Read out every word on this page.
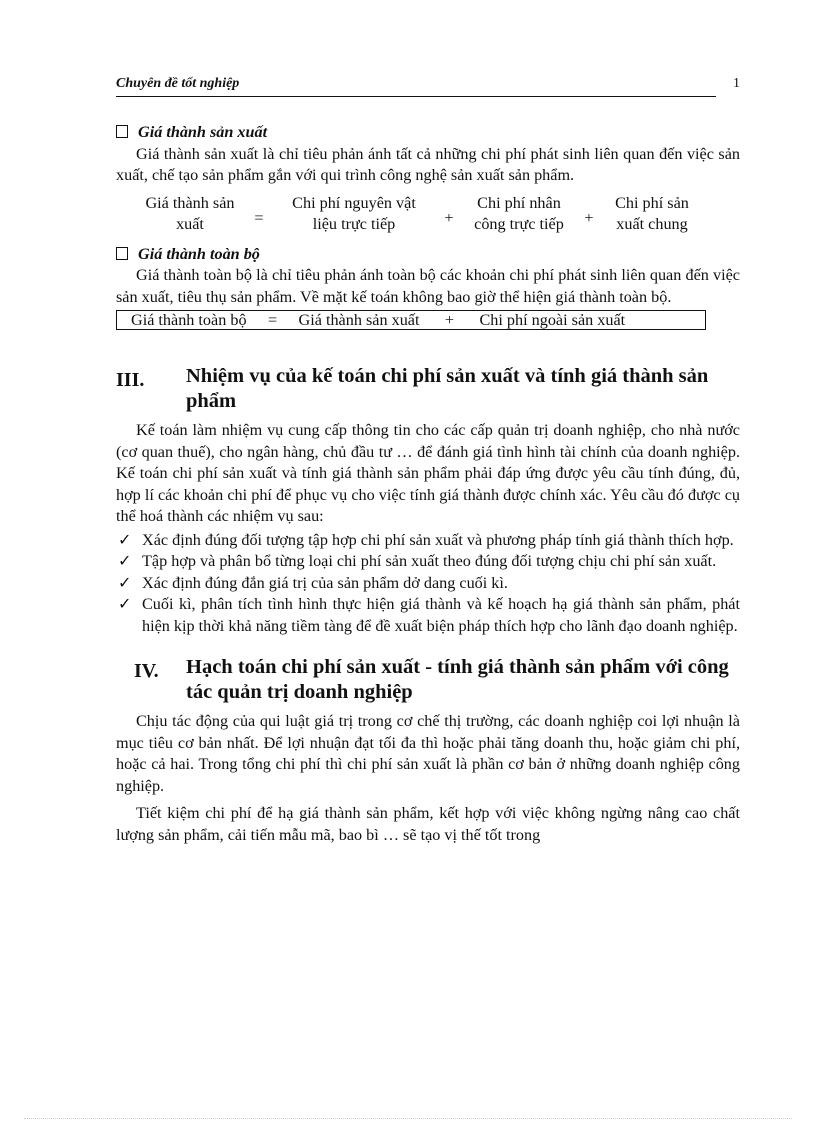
Chuyên đề tốt nghiệp	1
Giá thành sản xuất

Giá thành sản xuất là chỉ tiêu phản ánh tất cả những chi phí phát sinh liên quan đến việc sản xuất, chế tạo sản phẩm gắn với qui trình công nghệ sản xuất sản phẩm.

Giá thành sản
xuất	=
Chi phí nguyên vật
liệu trực tiếp	+
Chi phí nhân
công trực tiếp	+
Chi phí sản
xuất chung
Giá thành toàn bộ

Giá thành toàn bộ là chỉ tiêu phản ánh toàn bộ các khoản chi phí phát sinh liên quan đến việc sản xuất, tiêu thụ sản phẩm. Về mặt kế toán không bao giờ thể hiện giá thành toàn bộ.

Giá thành toàn bộ	=	Giá thành sản xuất	+	Chi phí ngoài sản xuất
III.	Nhiệm vụ của kế toán chi phí sản xuất và tính giá thành sản phẩm

Kế toán làm nhiệm vụ cung cấp thông tin cho các cấp quản trị doanh nghiệp, cho nhà nước (cơ quan thuế), cho ngân hàng, chủ đầu tư … để đánh giá tình hình tài chính của doanh nghiệp. Kế toán chi phí sản xuất và tính giá thành sản phẩm phải đáp ứng được yêu cầu tính đúng, đủ, hợp lí các khoản chi phí để phục vụ cho việc tính giá thành được chính xác. Yêu cầu đó được cụ thể hoá thành các nhiệm vụ sau:

✓ Xác định đúng đối tượng tập hợp chi phí sản xuất và phương pháp tính giá thành thích hợp.
✓ Tập hợp và phân bổ từng loại chi phí sản xuất theo đúng đối tượng chịu chi phí sản xuất.
✓ Xác định đúng đắn giá trị của sản phẩm dở dang cuối kì.
✓ Cuối kì, phân tích tình hình thực hiện giá thành và kế hoạch hạ giá thành sản phẩm, phát hiện kịp thời khả năng tiềm tàng để đề xuất biện pháp thích hợp cho lãnh đạo doanh nghiệp.
IV.	Hạch toán chi phí sản xuất - tính giá thành sản phẩm với công tác quản trị doanh nghiệp

Chịu tác động của qui luật giá trị trong cơ chế thị trường, các doanh nghiệp coi lợi nhuận là mục tiêu cơ bản nhất. Để lợi nhuận đạt tối đa thì hoặc phải tăng doanh thu, hoặc giảm chi phí, hoặc cả hai. Trong tổng chi phí thì chi phí sản xuất là phần cơ bản ở những doanh nghiệp công nghiệp.

Tiết kiệm chi phí để hạ giá thành sản phẩm, kết hợp với việc không ngừng nâng cao chất lượng sản phẩm, cải tiến mẫu mã, bao bì … sẽ tạo vị thế tốt trong
